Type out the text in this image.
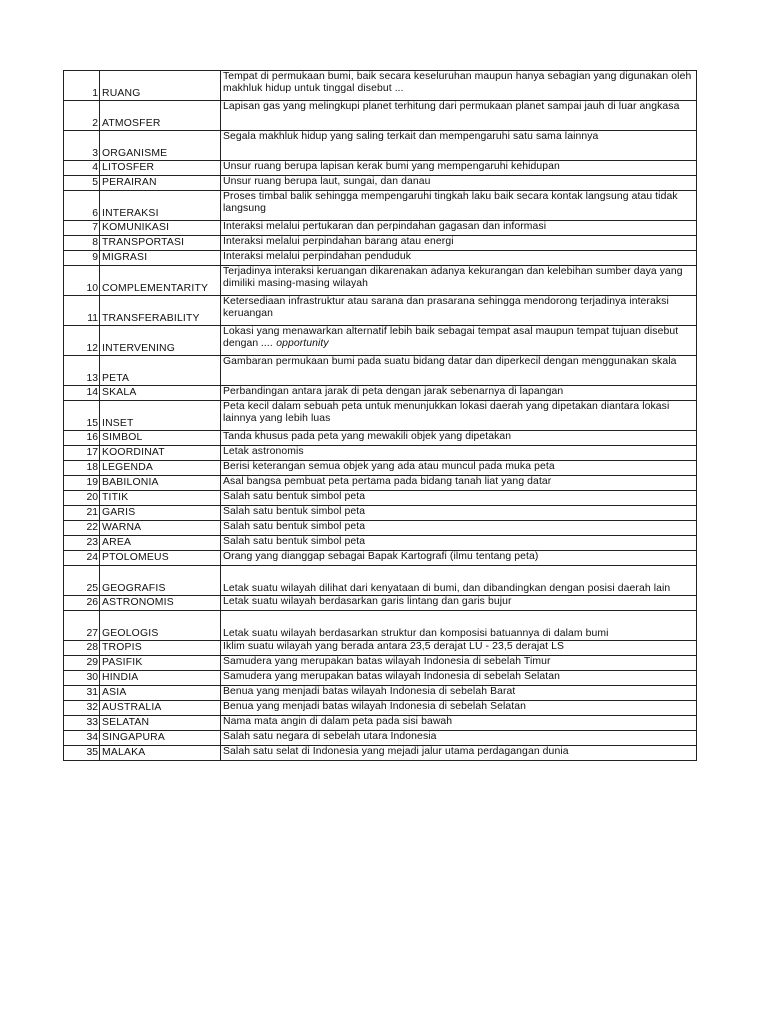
1	RUANG	Tempat di permukaan bumi, baik secara keseluruhan maupun hanya sebagian yang digunakan oleh makhluk hidup untuk tinggal disebut ...
2	ATMOSFER	Lapisan gas yang melingkupi planet terhitung dari permukaan planet sampai jauh di luar angkasa
3	ORGANISME	Segala makhluk hidup yang saling terkait dan mempengaruhi satu sama lainnya
4	LITOSFER	Unsur ruang berupa lapisan kerak bumi yang mempengaruhi kehidupan
5	PERAIRAN	Unsur ruang berupa laut, sungai, dan danau
6	INTERAKSI	Proses timbal balik sehingga mempengaruhi tingkah laku baik secara kontak langsung atau tidak langsung
7	KOMUNIKASI	Interaksi melalui pertukaran dan perpindahan gagasan dan informasi
8	TRANSPORTASI	Interaksi melalui perpindahan barang atau energi
9	MIGRASI	Interaksi melalui perpindahan penduduk
10	COMPLEMENTARITY	Terjadinya interaksi keruangan dikarenakan adanya kekurangan dan kelebihan sumber daya yang dimiliki masing-masing wilayah
11	TRANSFERABILITY	Ketersediaan infrastruktur atau sarana dan prasarana sehingga mendorong terjadinya interaksi keruangan
12	INTERVENING	Lokasi yang menawarkan alternatif lebih baik sebagai tempat asal maupun tempat tujuan disebut dengan .... opportunity
13	PETA	Gambaran permukaan bumi pada suatu bidang datar dan diperkecil dengan menggunakan skala
14	SKALA	Perbandingan antara jarak di peta dengan jarak sebenarnya di lapangan
15	INSET	Peta kecil dalam sebuah peta untuk menunjukkan lokasi daerah yang dipetakan diantara lokasi lainnya yang lebih luas
16	SIMBOL	Tanda khusus pada peta yang mewakili objek yang dipetakan
17	KOORDINAT	Letak astronomis
18	LEGENDA	Berisi keterangan semua objek yang ada atau muncul pada muka peta
19	BABILONIA	Asal bangsa pembuat peta pertama pada bidang tanah liat yang datar
20	TITIK	Salah satu bentuk simbol peta
21	GARIS	Salah satu bentuk simbol peta
22	WARNA	Salah satu bentuk simbol peta
23	AREA	Salah satu bentuk simbol peta
24	PTOLOMEUS	Orang yang dianggap sebagai Bapak Kartografi (ilmu tentang peta)
25	GEOGRAFIS	Letak suatu wilayah dilihat dari kenyataan di bumi, dan dibandingkan dengan posisi daerah lain
26	ASTRONOMIS	Letak suatu wilayah berdasarkan garis lintang dan garis bujur
27	GEOLOGIS	Letak suatu wilayah berdasarkan struktur dan komposisi batuannya di dalam bumi
28	TROPIS	Iklim suatu wilayah yang berada antara 23,5 derajat LU - 23,5 derajat LS
29	PASIFIK	Samudera yang merupakan batas wilayah Indonesia di sebelah Timur
30	HINDIA	Samudera yang merupakan batas wilayah Indonesia di sebelah Selatan
31	ASIA	Benua yang menjadi batas wilayah Indonesia di sebelah Barat
32	AUSTRALIA	Benua yang menjadi batas wilayah Indonesia di sebelah Selatan
33	SELATAN	Nama mata angin di dalam peta pada sisi bawah
34	SINGAPURA	Salah satu negara di sebelah utara Indonesia
35	MALAKA	Salah satu selat di Indonesia yang mejadi jalur utama perdagangan dunia
